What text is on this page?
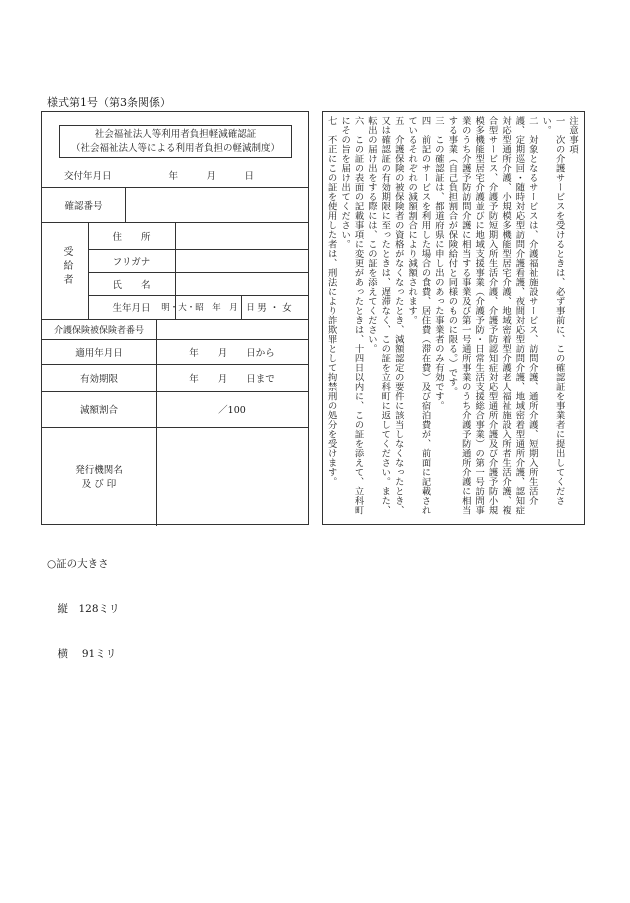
様式第1号（第3条関係）
社会福祉法人等利用者負担軽減確認証
（社会福祉法人等による利用者負担の軽減制度）
交付年月日　　　　　　年　　　月　　　日
確認番号
受給者
住　　所
フリガナ
氏　　名
生年月日	明・大・昭　年　月　日 男 ・ 女
介護保険被保険者番号
適用年月日	年　　月　　日から
有効期限	年　　月　　日まで
減額割合	／100
発行機関名
及 び 印

○証の大きさ

　縦　128ミリ

　横　 91ミリ

注意事項

一　次の介護サービスを受けるときは、必ず事前に、この確認証を事業者に提出してください。

二　対象となるサービスは、介護福祉施設サービス、訪問介護、通所介護、短期入所生活介護、定期巡回・随時対応型訪問介護看護、夜間対応型訪問介護、地域密着型通所介護、認知症対応型通所介護、小規模多機能型居宅介護、地域密着型介護老人福祉施設入所者生活介護、複合型サービス、介護予防短期入所生活介護、介護予防認知症対応型通所介護及び介護予防小規模多機能型居宅介護並びに地域支援事業（介護予防・日常生活支援総合事業）の第一号訪問事業のうち介護予防訪問介護に相当する事業及び第一号通所事業のうち介護予防通所介護に相当する事業（自己負担割合が保険給付と同様のものに限る。）です。

三　この確認証は、都道府県に申し出のあった事業者のみ有効です。

四　前記のサービスを利用した場合の食費、居住費（滞在費）及び宿泊費が、前面に記載されているそれぞれの減額割合により減額されます。

五　介護保険の被保険者の資格がなくなったとき、減額認定の要件に該当しなくなったとき、又は確認証の有効期限に至ったときは、遅滞なく、この証を立科町に返してください。また、転出の届け出をする際には、この証を添えてください。

六　この証の表面の記載事項に変更があったときは、十四日以内に、この証を添えて、立科町にその旨を届け出てください。

七　不正にこの証を使用した者は、刑法により詐欺罪として拘禁刑の処分を受けます。
